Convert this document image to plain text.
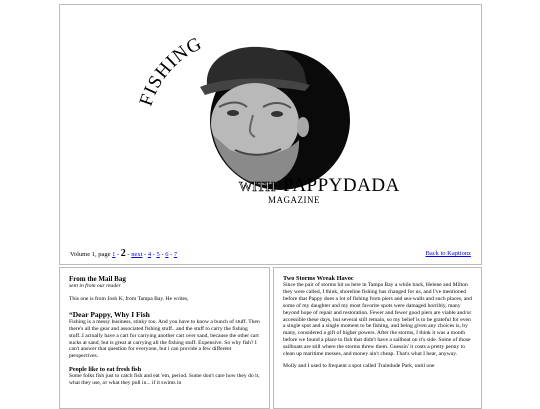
FISHING
WITH PAPPYDADA
MAGAZINE
Volume 1, page 1 - 2 - next - 4 - 5 - 6 - 7	Back to Kaptionz
From the Mail Bag
sent in from our reader

This one is from Josh K, from Tampa Bay. He writes,

“Dear Pappy, Why I Fish

Fishing is a messy business, stinky too. And you have to know a bunch of stuff. Then there's all the gear and associated fishing stuff.. and the stuff to carry the fishing stuff..I actually have a cart for carrying another cart over sand, because the other cart sucks at sand, but is great at carrying all the fishing stuff. Expensive. So why fish? I can't answer that question for everyone, but i can provide a few different perspectives.

People like to eat fresh fish

Some folks fish just to catch fish and eat 'em, period. Some don't care how they do it, what they use, or what they pull in... if it swims in

Two Storms Wreak Havoc

Since the pair of storms hit us here in Tampa Bay a while back, Helene and Milton they were called, I think, shoreline fishing has changed for us, and I've mentioned before that Pappy does a lot of fishing from piers and sea-walls and such places, and some of my daughter and my most favorite spots were damaged horribly, many beyond hope of repair and restoration. Fewer and fewer good piers are viable and/or accessible these days, but several still remain, so my belief is to be grateful for even a single spot and a single moment to be fishing, and being given any choices is, by many, considered a gift of higher powers. After the storms, I think it was a month before we found a place to fish that didn't have a sailboat on it's side. Some of those sailboats are still where the storms threw them. Guessin' it costs a pretty penny to clean up maritime messes, and money ain't cheap. That's what I hear, anyway.

Molly and I used to frequent a spot called Traindude Park, until one
